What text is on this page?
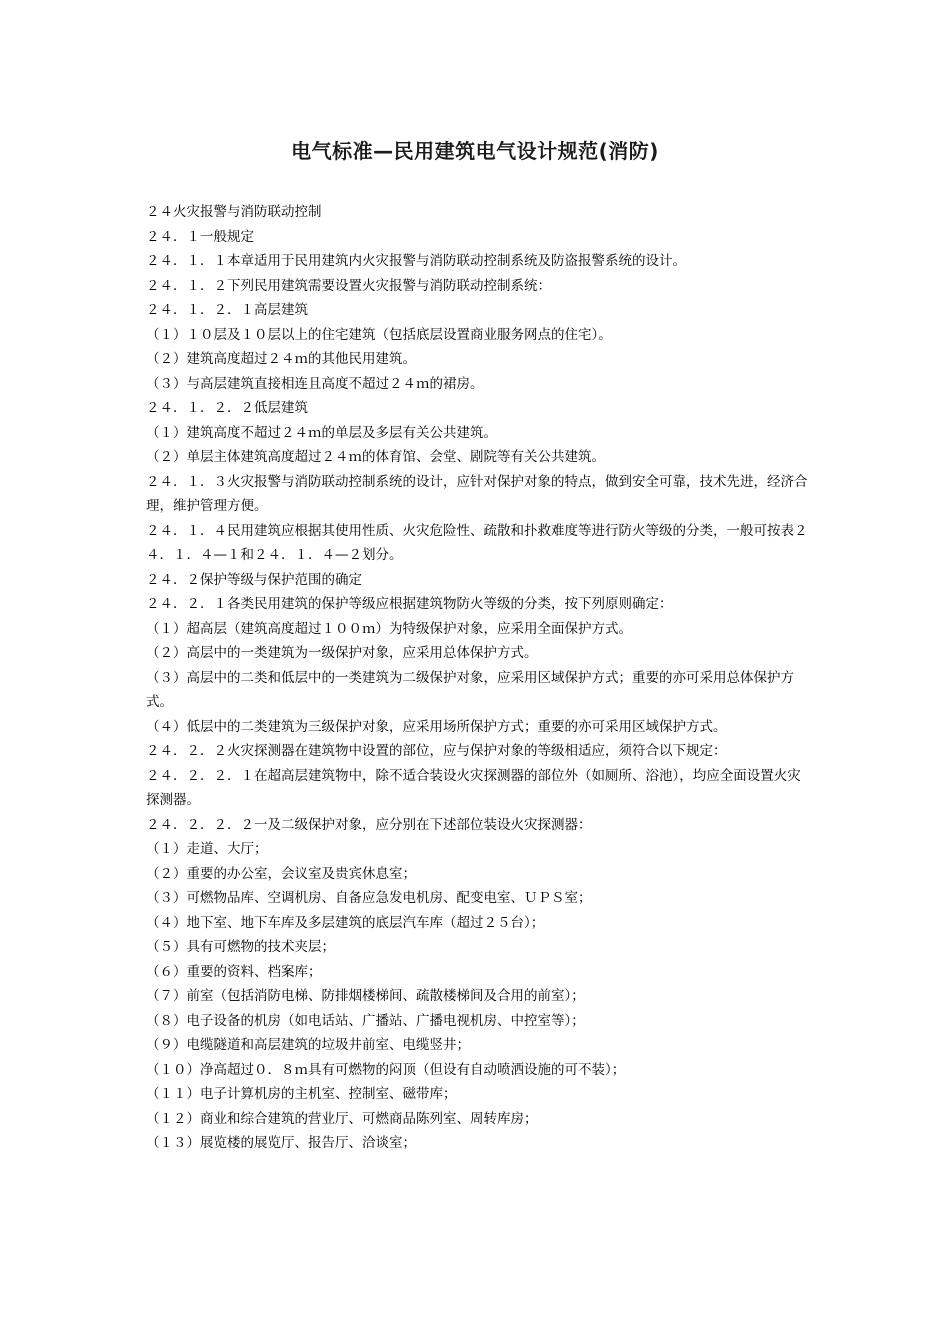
电气标准—民用建筑电气设计规范(消防)

２４火灾报警与消防联动控制

２４．１一般规定

２４．１．１本章适用于民用建筑内火灾报警与消防联动控制系统及防盗报警系统的设计。

２４．１．２下列民用建筑需要设置火灾报警与消防联动控制系统：

２４．１．２．１高层建筑

（１）１０层及１０层以上的住宅建筑（包括底层设置商业服务网点的住宅）。

（２）建筑高度超过２４ｍ的其他民用建筑。

（３）与高层建筑直接相连且高度不超过２４ｍ的裙房。

２４．１．２．２低层建筑

（１）建筑高度不超过２４ｍ的单层及多层有关公共建筑。

（２）单层主体建筑高度超过２４ｍ的体育馆、会堂、剧院等有关公共建筑。

２４．１．３火灾报警与消防联动控制系统的设计，应针对保护对象的特点，做到安全可靠，技术先进，经济合理，维护管理方便。

２４．１．４民用建筑应根据其使用性质、火灾危险性、疏散和扑救难度等进行防火等级的分类，一般可按表２４．１．４—１和２４．１．４—２划分。

２４．２保护等级与保护范围的确定

２４．２．１各类民用建筑的保护等级应根据建筑物防火等级的分类，按下列原则确定：

（１）超高层（建筑高度超过１００ｍ）为特级保护对象，应采用全面保护方式。

（２）高层中的一类建筑为一级保护对象，应采用总体保护方式。

（３）高层中的二类和低层中的一类建筑为二级保护对象，应采用区域保护方式；重要的亦可采用总体保护方式。

（４）低层中的二类建筑为三级保护对象，应采用场所保护方式；重要的亦可采用区域保护方式。

２４．２．２火灾探测器在建筑物中设置的部位，应与保护对象的等级相适应，须符合以下规定：

２４．２．２．１在超高层建筑物中，除不适合装设火灾探测器的部位外（如厕所、浴池），均应全面设置火灾探测器。

２４．２．２．２一及二级保护对象，应分别在下述部位装设火灾探测器：

（１）走道、大厅；

（２）重要的办公室，会议室及贵宾休息室；

（３）可燃物品库、空调机房、自备应急发电机房、配变电室、ＵＰＳ室；

（４）地下室、地下车库及多层建筑的底层汽车库（超过２５台）；

（５）具有可燃物的技术夹层；

（６）重要的资料、档案库；

（７）前室（包括消防电梯、防排烟楼梯间、疏散楼梯间及合用的前室）；

（８）电子设备的机房（如电话站、广播站、广播电视机房、中控室等）；

（９）电缆隧道和高层建筑的垃圾井前室、电缆竖井；

（１０）净高超过０．８ｍ具有可燃物的闷顶（但设有自动喷洒设施的可不装）；

（１１）电子计算机房的主机室、控制室、磁带库；

（１２）商业和综合建筑的营业厅、可燃商品陈列室、周转库房；

（１３）展览楼的展览厅、报告厅、洽谈室；
